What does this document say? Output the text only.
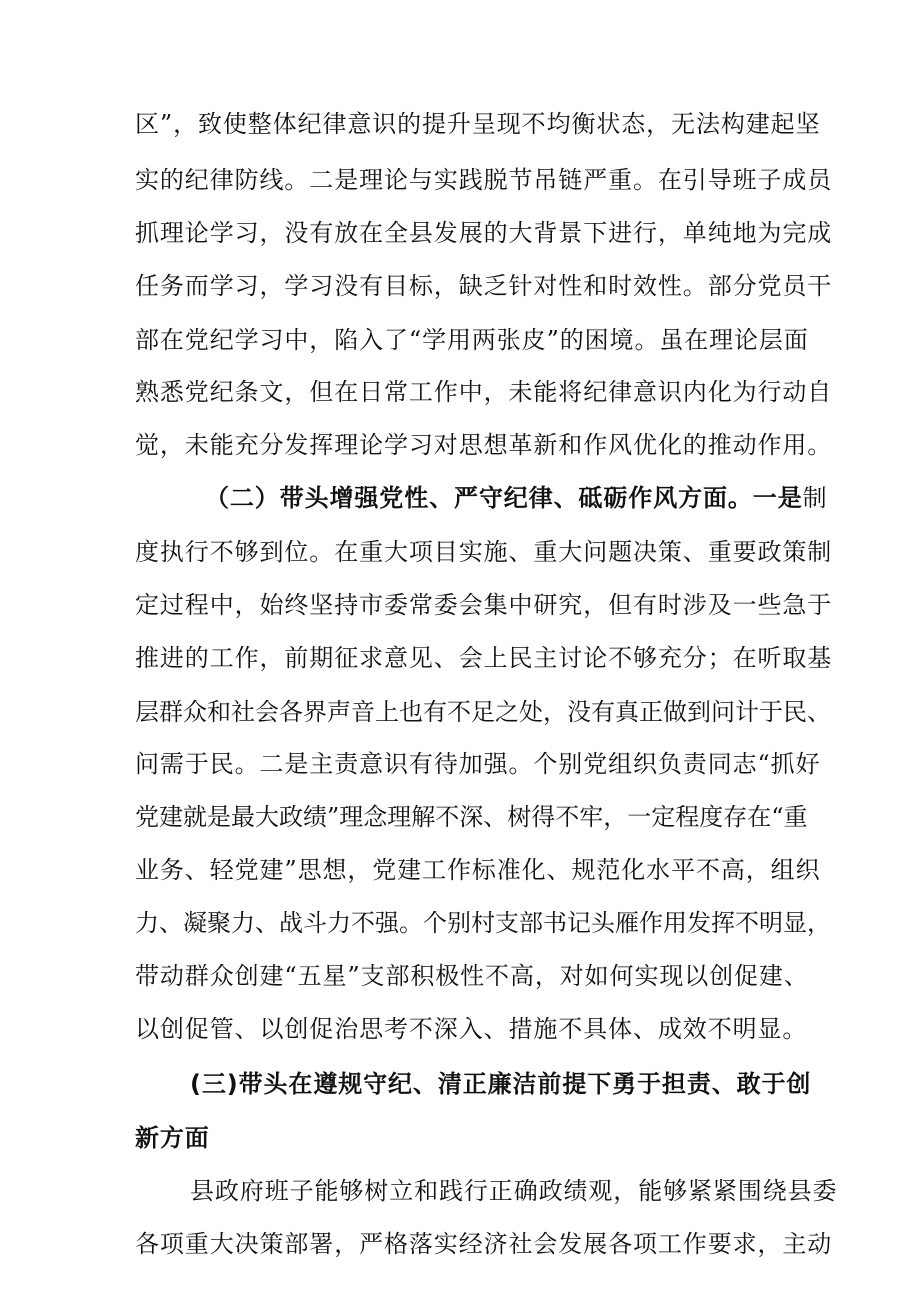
区”，致使整体纪律意识的提升呈现不均衡状态，无法构建起坚
实的纪律防线。二是理论与实践脱节吊链严重。在引导班子成员
抓理论学习，没有放在全县发展的大背景下进行，单纯地为完成
任务而学习，学习没有目标，缺乏针对性和时效性。部分党员干
部在党纪学习中，陷入了“学用两张皮”的困境。虽在理论层面
熟悉党纪条文，但在日常工作中，未能将纪律意识内化为行动自
觉，未能充分发挥理论学习对思想革新和作风优化的推动作用。
（二）带头增强党性、严守纪律、砥砺作风方面。一是制
度执行不够到位。在重大项目实施、重大问题决策、重要政策制
定过程中，始终坚持市委常委会集中研究，但有时涉及一些急于
推进的工作，前期征求意见、会上民主讨论不够充分；在听取基
层群众和社会各界声音上也有不足之处，没有真正做到问计于民、
问需于民。二是主责意识有待加强。个别党组织负责同志“抓好
党建就是最大政绩”理念理解不深、树得不牢，一定程度存在“重
业务、轻党建”思想，党建工作标准化、规范化水平不高，组织
力、凝聚力、战斗力不强。个别村支部书记头雁作用发挥不明显，
带动群众创建“五星”支部积极性不高，对如何实现以创促建、
以创促管、以创促治思考不深入、措施不具体、成效不明显。
(三)带头在遵规守纪、清正廉洁前提下勇于担责、敢于创
新方面
县政府班子能够树立和践行正确政绩观，能够紧紧围绕县委
各项重大决策部署，严格落实经济社会发展各项工作要求，主动
